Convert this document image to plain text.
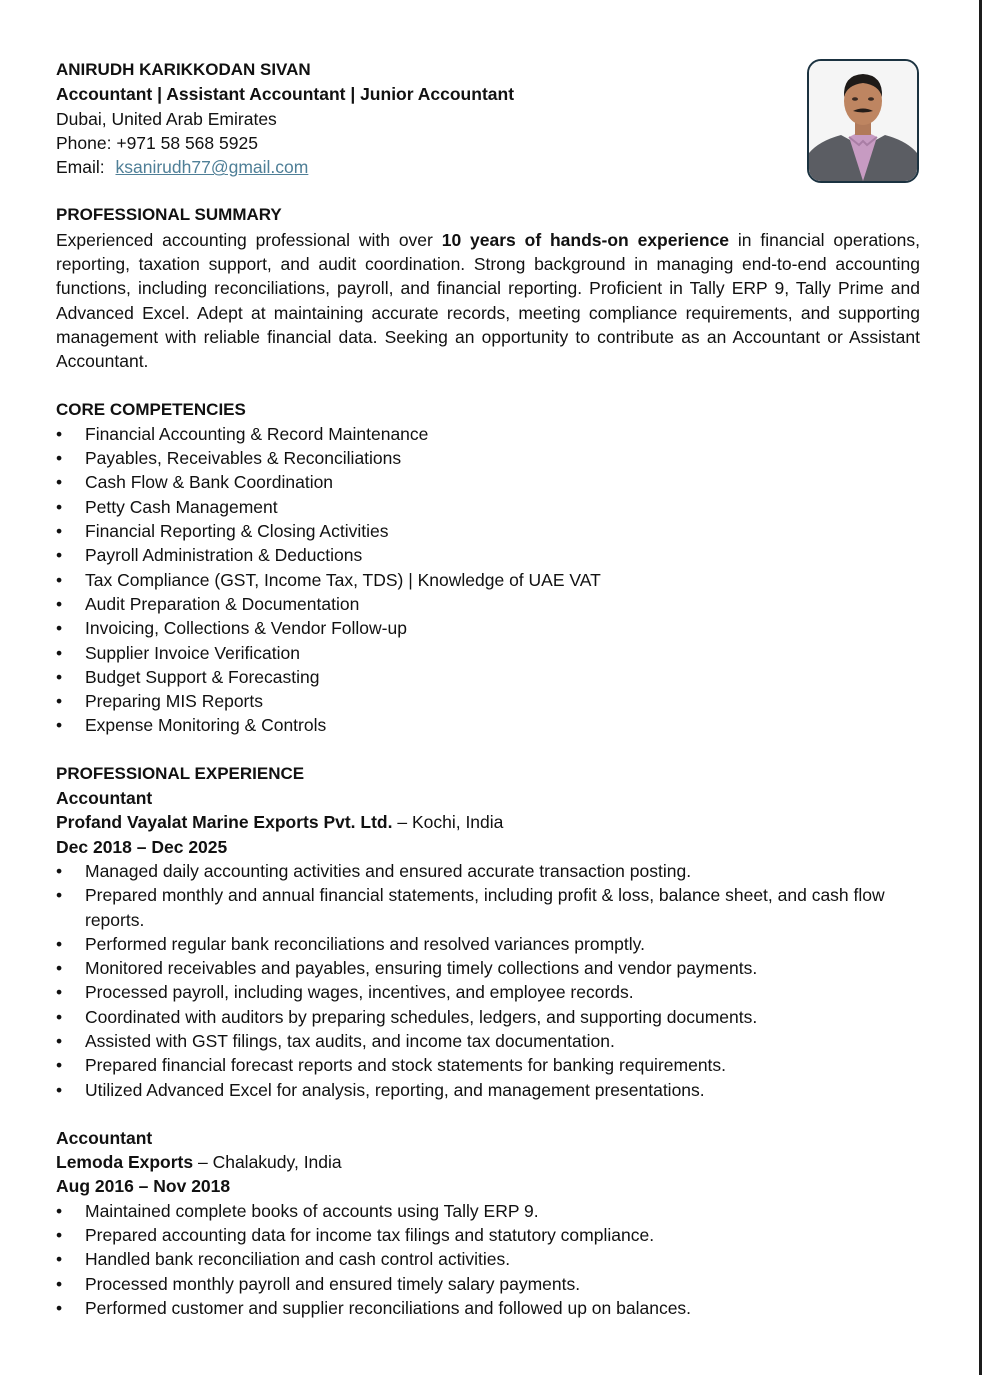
ANIRUDH KARIKKODAN SIVAN
Accountant | Assistant Accountant | Junior Accountant
Dubai, United Arab Emirates
Phone: +971 58 568 5925
Email: ksanirudh77@gmail.com
PROFESSIONAL SUMMARY
Experienced accounting professional with over 10 years of hands-on experience in financial operations, reporting, taxation support, and audit coordination. Strong background in managing end-to-end accounting functions, including reconciliations, payroll, and financial reporting. Proficient in Tally ERP 9, Tally Prime and Advanced Excel. Adept at maintaining accurate records, meeting compliance requirements, and supporting management with reliable financial data. Seeking an opportunity to contribute as an Accountant or Assistant Accountant.
CORE COMPETENCIES
•	Financial Accounting & Record Maintenance
•	Payables, Receivables & Reconciliations
•	Cash Flow & Bank Coordination
•	Petty Cash Management
•	Financial Reporting & Closing Activities
•	Payroll Administration & Deductions
•	Tax Compliance (GST, Income Tax, TDS) | Knowledge of UAE VAT
•	Audit Preparation & Documentation
•	Invoicing, Collections & Vendor Follow-up
•	Supplier Invoice Verification
•	Budget Support & Forecasting
•	Preparing MIS Reports
•	Expense Monitoring & Controls
PROFESSIONAL EXPERIENCE
Accountant
Profand Vayalat Marine Exports Pvt. Ltd. – Kochi, India
Dec 2018 – Dec 2025
•	Managed daily accounting activities and ensured accurate transaction posting.
•	Prepared monthly and annual financial statements, including profit & loss, balance sheet, and cash flow reports.
•	Performed regular bank reconciliations and resolved variances promptly.
•	Monitored receivables and payables, ensuring timely collections and vendor payments.
•	Processed payroll, including wages, incentives, and employee records.
•	Coordinated with auditors by preparing schedules, ledgers, and supporting documents.
•	Assisted with GST filings, tax audits, and income tax documentation.
•	Prepared financial forecast reports and stock statements for banking requirements.
•	Utilized Advanced Excel for analysis, reporting, and management presentations.
Accountant
Lemoda Exports – Chalakudy, India
Aug 2016 – Nov 2018
•	Maintained complete books of accounts using Tally ERP 9.
•	Prepared accounting data for income tax filings and statutory compliance.
•	Handled bank reconciliation and cash control activities.
•	Processed monthly payroll and ensured timely salary payments.
•	Performed customer and supplier reconciliations and followed up on balances.
